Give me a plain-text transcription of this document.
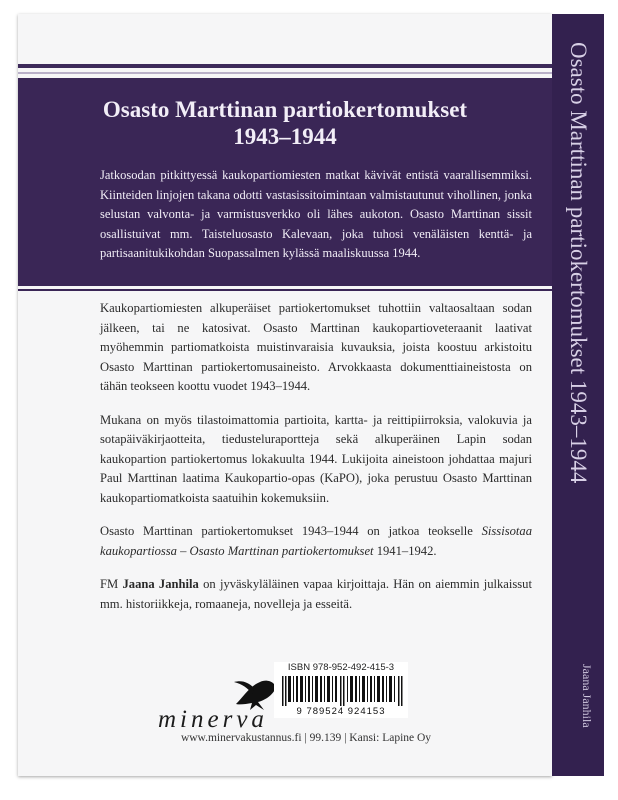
Osasto Marttinan partiokertomukset
1943–1944
Jatkosodan pitkittyessä kaukopartiomiesten matkat kävivät entistä vaarallisemmiksi. Kiinteiden linjojen takana odotti vastasissitoimintaan valmistautunut vihollinen, jonka selustan valvonta- ja varmistusverkko oli lähes aukoton. Osasto Marttinan sissit osallistuivat mm. Taisteluosasto Kalevaan, joka tuhosi venäläisten kenttä- ja partisaanitukikohdan Suopassalmen kylässä maaliskuussa 1944.

Kaukopartiomiesten alkuperäiset partiokertomukset tuhottiin valtaosaltaan sodan jälkeen, tai ne katosivat. Osasto Marttinan kaukopartioveteraanit laativat myöhemmin partiomatkoista muistinvaraisia kuvauksia, joista koostuu arkistoitu Osasto Marttinan partiokertomusaineisto. Arvokkaasta dokumenttiaineistosta on tähän teokseen koottu vuodet 1943–1944.

Mukana on myös tilastoimattomia partioita, kartta- ja reittipiirroksia, valokuvia ja sotapäiväkirjaotteita, tiedusteluraportteja sekä alkuperäinen Lapin sodan kaukopartion partiokertomus lokakuulta 1944. Lukijoita aineistoon johdattaa majuri Paul Marttinan laatima Kaukopartio-opas (KaPO), joka perustuu Osasto Marttinan kaukopartiomatkoista saatuihin kokemuksiin.

Osasto Marttinan partiokertomukset 1943–1944 on jatkoa teokselle Sissisotaa kaukopartiossa – Osasto Marttinan partiokertomukset 1941–1942.

FM Jaana Janhila on jyväskyläläinen vapaa kirjoittaja. Hän on aiemmin julkaissut mm. historiikkeja, romaaneja, novelleja ja esseitä.

minerva
ISBN 978-952-492-415-3
9 789524 924153
www.minervakustannus.fi | 99.139 | Kansi: Lapine Oy
Osasto Marttinan partiokertomukset 1943–1944
Jaana Janhila
